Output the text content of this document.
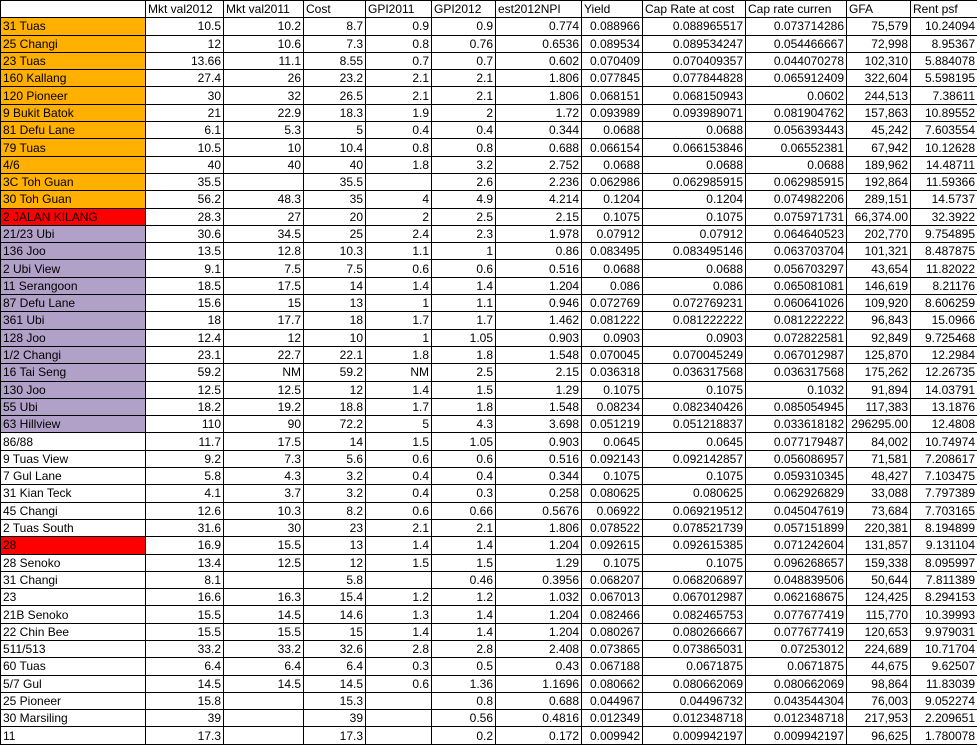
	Mkt val2012	Mkt val2011	Cost	GPI2011	GPI2012	est2012NPI	Yield	Cap Rate at cost	Cap rate curren	GFA	Rent psf
31 Tuas	10.5	10.2	8.7	0.9	0.9	0.774	0.088966	0.088965517	0.073714286	75,579	10.24094
25 Changi	12	10.6	7.3	0.8	0.76	0.6536	0.089534	0.089534247	0.054466667	72,998	8.95367
23 Tuas	13.66	11.1	8.55	0.7	0.7	0.602	0.070409	0.070409357	0.044070278	102,310	5.884078
160 Kallang	27.4	26	23.2	2.1	2.1	1.806	0.077845	0.077844828	0.065912409	322,604	5.598195
120 Pioneer	30	32	26.5	2.1	2.1	1.806	0.068151	0.068150943	0.0602	244,513	7.38611
9 Bukit Batok	21	22.9	18.3	1.9	2	1.72	0.093989	0.093989071	0.081904762	157,863	10.89552
81 Defu Lane	6.1	5.3	5	0.4	0.4	0.344	0.0688	0.0688	0.056393443	45,242	7.603554
79 Tuas	10.5	10	10.4	0.8	0.8	0.688	0.066154	0.066153846	0.06552381	67,942	10.12628
4/6	40	40	40	1.8	3.2	2.752	0.0688	0.0688	0.0688	189,962	14.48711
3C Toh Guan	35.5		35.5		2.6	2.236	0.062986	0.062985915	0.062985915	192,864	11.59366
30 Toh Guan	56.2	48.3	35	4	4.9	4.214	0.1204	0.1204	0.074982206	289,151	14.5737
2 JALAN KILANG	28.3	27	20	2	2.5	2.15	0.1075	0.1075	0.075971731	66,374.00	32.3922
21/23 Ubi	30.6	34.5	25	2.4	2.3	1.978	0.07912	0.07912	0.064640523	202,770	9.754895
136 Joo	13.5	12.8	10.3	1.1	1	0.86	0.083495	0.083495146	0.063703704	101,321	8.487875
2 Ubi View	9.1	7.5	7.5	0.6	0.6	0.516	0.0688	0.0688	0.056703297	43,654	11.82022
11 Serangoon	18.5	17.5	14	1.4	1.4	1.204	0.086	0.086	0.065081081	146,619	8.21176
87 Defu Lane	15.6	15	13	1	1.1	0.946	0.072769	0.072769231	0.060641026	109,920	8.606259
361 Ubi	18	17.7	18	1.7	1.7	1.462	0.081222	0.081222222	0.081222222	96,843	15.0966
128 Joo	12.4	12	10	1	1.05	0.903	0.0903	0.0903	0.072822581	92,849	9.725468
1/2 Changi	23.1	22.7	22.1	1.8	1.8	1.548	0.070045	0.070045249	0.067012987	125,870	12.2984
16 Tai Seng	59.2	NM	59.2	NM	2.5	2.15	0.036318	0.036317568	0.036317568	175,262	12.26735
130 Joo	12.5	12.5	12	1.4	1.5	1.29	0.1075	0.1075	0.1032	91,894	14.03791
55 Ubi	18.2	19.2	18.8	1.7	1.8	1.548	0.08234	0.082340426	0.085054945	117,383	13.1876
63 Hillview	110	90	72.2	5	4.3	3.698	0.051219	0.051218837	0.033618182	296295.00	12.4808
86/88	11.7	17.5	14	1.5	1.05	0.903	0.0645	0.0645	0.077179487	84,002	10.74974
9 Tuas View	9.2	7.3	5.6	0.6	0.6	0.516	0.092143	0.092142857	0.056086957	71,581	7.208617
7 Gul Lane	5.8	4.3	3.2	0.4	0.4	0.344	0.1075	0.1075	0.059310345	48,427	7.103475
31 Kian Teck	4.1	3.7	3.2	0.4	0.3	0.258	0.080625	0.080625	0.062926829	33,088	7.797389
45 Changi	12.6	10.3	8.2	0.6	0.66	0.5676	0.06922	0.069219512	0.045047619	73,684	7.703165
2 Tuas South	31.6	30	23	2.1	2.1	1.806	0.078522	0.078521739	0.057151899	220,381	8.194899
28	16.9	15.5	13	1.4	1.4	1.204	0.092615	0.092615385	0.071242604	131,857	9.131104
28 Senoko	13.4	12.5	12	1.5	1.5	1.29	0.1075	0.1075	0.096268657	159,338	8.095997
31 Changi	8.1		5.8		0.46	0.3956	0.068207	0.068206897	0.048839506	50,644	7.811389
23	16.6	16.3	15.4	1.2	1.2	1.032	0.067013	0.067012987	0.062168675	124,425	8.294153
21B Senoko	15.5	14.5	14.6	1.3	1.4	1.204	0.082466	0.082465753	0.077677419	115,770	10.39993
22 Chin Bee	15.5	15.5	15	1.4	1.4	1.204	0.080267	0.080266667	0.077677419	120,653	9.979031
511/513	33.2	33.2	32.6	2.8	2.8	2.408	0.073865	0.073865031	0.07253012	224,689	10.71704
60 Tuas	6.4	6.4	6.4	0.3	0.5	0.43	0.067188	0.0671875	0.0671875	44,675	9.62507
5/7 Gul	14.5	14.5	14.5	0.6	1.36	1.1696	0.080662	0.080662069	0.080662069	98,864	11.83039
25 Pioneer	15.8		15.3		0.8	0.688	0.044967	0.04496732	0.043544304	76,003	9.052274
30 Marsiling	39		39		0.56	0.4816	0.012349	0.012348718	0.012348718	217,953	2.209651
11	17.3		17.3		0.2	0.172	0.009942	0.009942197	0.009942197	96,625	1.780078
